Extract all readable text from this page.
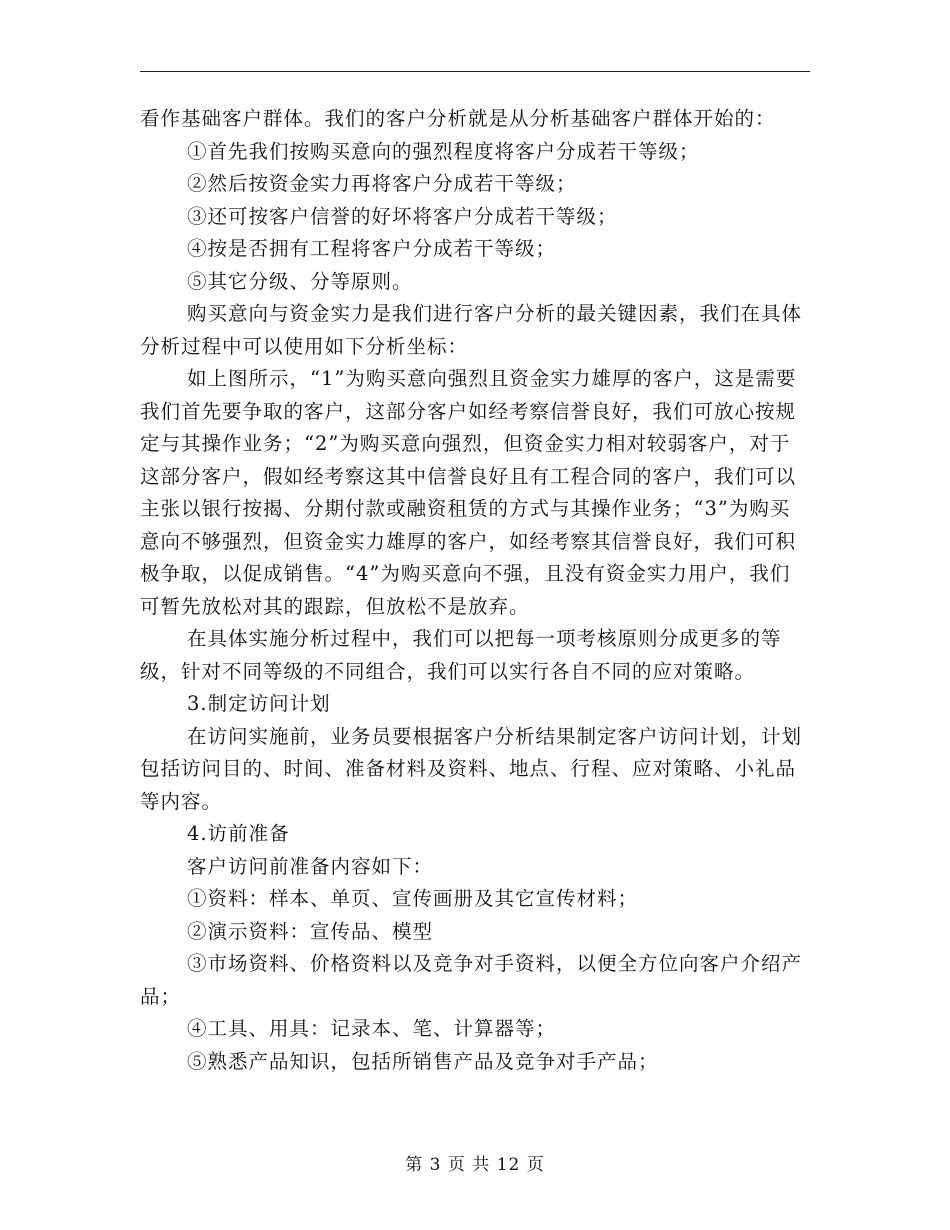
看作基础客户群体。我们的客户分析就是从分析基础客户群体开始的：

①首先我们按购买意向的强烈程度将客户分成若干等级；

②然后按资金实力再将客户分成若干等级；

③还可按客户信誉的好坏将客户分成若干等级；

④按是否拥有工程将客户分成若干等级；

⑤其它分级、分等原则。

购买意向与资金实力是我们进行客户分析的最关键因素，我们在具体分析过程中可以使用如下分析坐标：

如上图所示，“1”为购买意向强烈且资金实力雄厚的客户，这是需要我们首先要争取的客户，这部分客户如经考察信誉良好，我们可放心按规定与其操作业务；“2”为购买意向强烈，但资金实力相对较弱客户，对于这部分客户，假如经考察这其中信誉良好且有工程合同的客户，我们可以主张以银行按揭、分期付款或融资租赁的方式与其操作业务；“3”为购买意向不够强烈，但资金实力雄厚的客户，如经考察其信誉良好，我们可积极争取，以促成销售。“4”为购买意向不强，且没有资金实力用户，我们可暂先放松对其的跟踪，但放松不是放弃。

在具体实施分析过程中，我们可以把每一项考核原则分成更多的等级，针对不同等级的不同组合，我们可以实行各自不同的应对策略。

3.制定访问计划

在访问实施前，业务员要根据客户分析结果制定客户访问计划，计划包括访问目的、时间、准备材料及资料、地点、行程、应对策略、小礼品等内容。

4.访前准备

客户访问前准备内容如下：

①资料：样本、单页、宣传画册及其它宣传材料；

②演示资料：宣传品、模型

③市场资料、价格资料以及竞争对手资料，以便全方位向客户介绍产品；

④工具、用具：记录本、笔、计算器等；

⑤熟悉产品知识，包括所销售产品及竞争对手产品；

第 3 页 共 12 页
